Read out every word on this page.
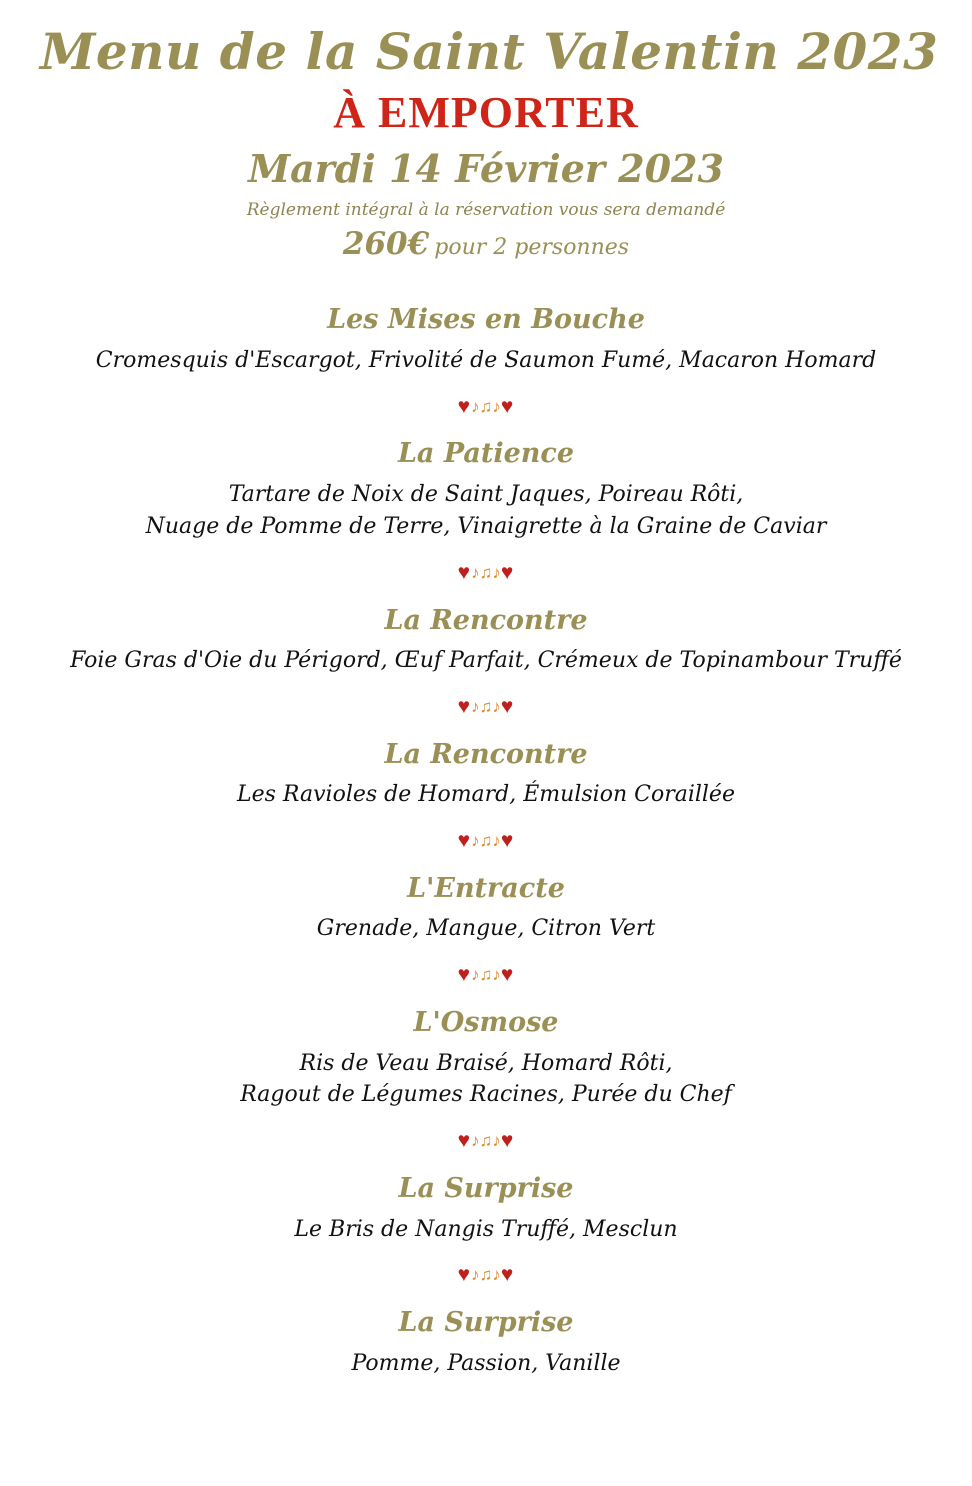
Menu de la Saint Valentin 2023
À EMPORTER
Mardi 14 Février 2023
Règlement intégral à la réservation vous sera demandé
260€ pour 2 personnes
Les Mises en Bouche
Cromesquis d'Escargot, Frivolité de Saumon Fumé, Macaron Homard
♥♪♫♪♥
La Patience
Tartare de Noix de Saint Jaques, Poireau Rôti,
Nuage de Pomme de Terre, Vinaigrette à la Graine de Caviar
♥♪♫♪♥
La Rencontre
Foie Gras d'Oie du Périgord, Œuf Parfait, Crémeux de Topinambour Truffé
♥♪♫♪♥
La Rencontre
Les Ravioles de Homard, Émulsion Coraillée
♥♪♫♪♥
L'Entracte
Grenade, Mangue, Citron Vert
♥♪♫♪♥
L'Osmose
Ris de Veau Braisé, Homard Rôti,
Ragout de Légumes Racines, Purée du Chef
♥♪♫♪♥
La Surprise
Le Bris de Nangis Truffé, Mesclun
♥♪♫♪♥
La Surprise
Pomme, Passion, Vanille
